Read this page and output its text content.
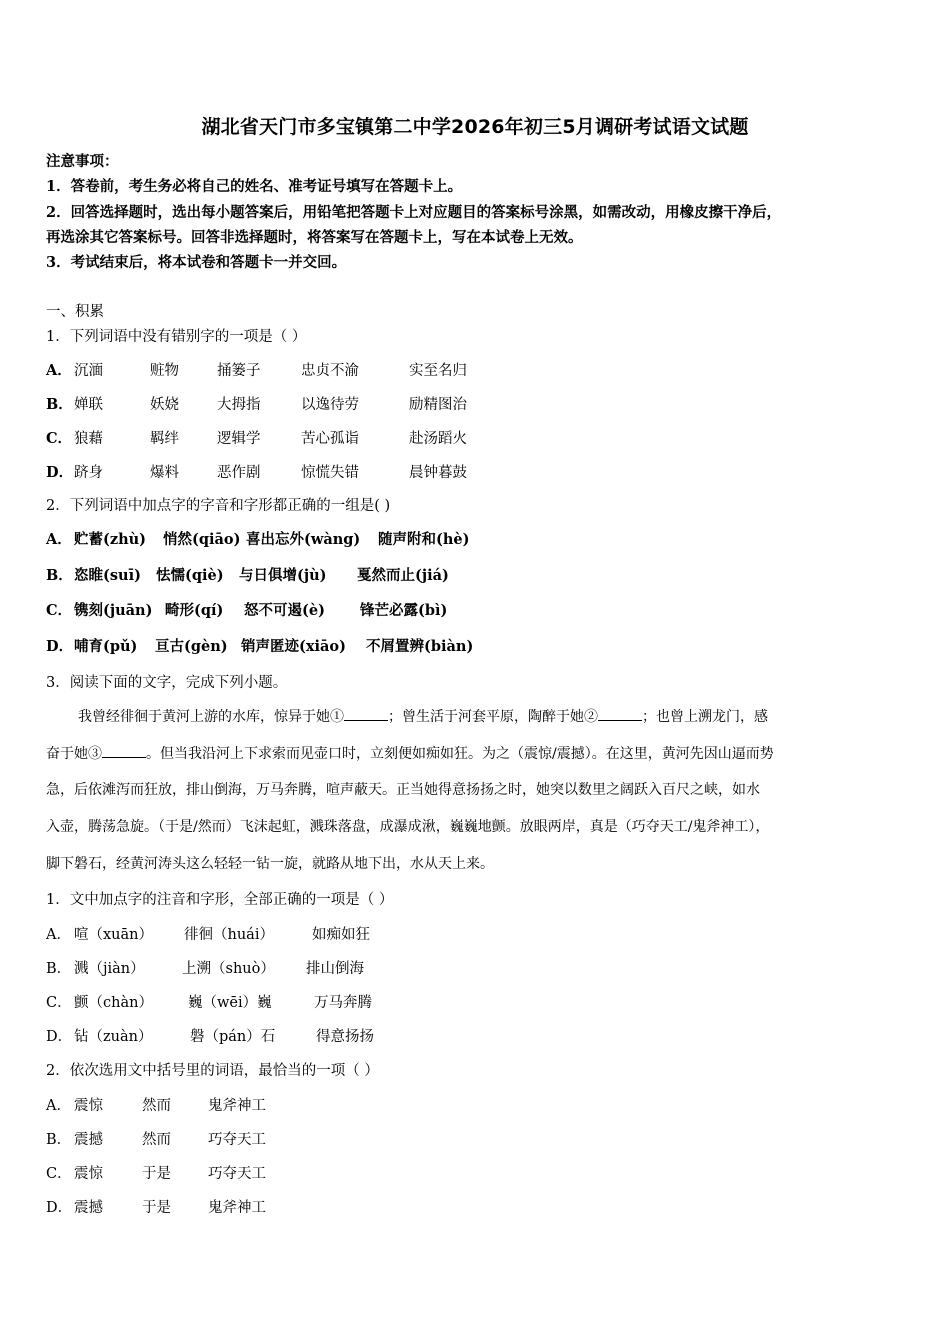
湖北省天门市多宝镇第二中学2026年初三5月调研考试语文试题
注意事项：
1．答卷前，考生务必将自己的姓名、准考证号填写在答题卡上。
2．回答选择题时，选出每小题答案后，用铅笔把答题卡上对应题目的答案标号涂黑，如需改动，用橡皮擦干净后，
再选涂其它答案标号。回答非选择题时，将答案写在答题卡上，写在本试卷上无效。
3．考试结束后，将本试卷和答题卡一并交回。
一、积累
1．下列词语中没有错别字的一项是（ ）
A． 沉湎	赃物	捅篓子	忠贞不渝	实至名归
B．婵联	妖娆	大拇指	以逸待劳	励精图治
C． 狼藉	羁绊	逻辑学	苦心孤诣	赴汤蹈火
D．跻身	爆料	恶作剧	惊慌失错	晨钟暮鼓
2．下列词语中加点字的字音和字形都正确的一组是( )
A． 贮蓄(zhù) 悄然(qiāo) 喜出忘外(wàng) 随声附和(hè)
B．恣睢(suī) 怯懦(qiè) 与日俱增(jù) 戛然而止(jiá)
C． 镌刻(juān) 畸形(qí) 怒不可遏(è) 锋芒必露(bì)
D．哺育(pǔ) 亘古(gèn) 销声匿迹(xiāo) 不屑置辨(biàn)
3．阅读下面的文字，完成下列小题。
我曾经徘徊于黄河上游的水库，惊异于她①	；曾生活于河套平原，陶醉于她②	；也曾上溯龙门，感
奋于她③	。但当我沿河上下求索而见壶口时，立刻便如痴如狂。为之（震惊/震撼）。在这里，黄河先因山逼而势
急，后依滩泻而狂放，排山倒海，万马奔腾，喧声蔽天。正当她得意扬扬之时，她突以数里之阔跃入百尺之峡，如水
入壶，腾荡急旋。（于是/然而）飞沫起虹，溅珠落盘，成瀑成湫，巍巍地颤。放眼两岸，真是（巧夺天工/鬼斧神工），
脚下磐石，经黄河涛头这么轻轻一钻一旋，就路从地下出，水从天上来。
1．文中加点字的注音和字形，全部正确的一项是（ ）
A． 喧（xuān） 徘徊（huái）	如痴如狂
B． 溅（jiàn）	上溯（shuò） 排山倒海
C． 颤（chàn） 巍（wēi）巍	万马奔腾
D． 钻（zuàn）	磐（pán）石	得意扬扬
2．依次选用文中括号里的词语，最恰当的一项（ ）
A． 震惊	然而	鬼斧神工
B． 震撼	然而	巧夺天工
C． 震惊	于是	巧夺天工
D． 震撼	于是	鬼斧神工
